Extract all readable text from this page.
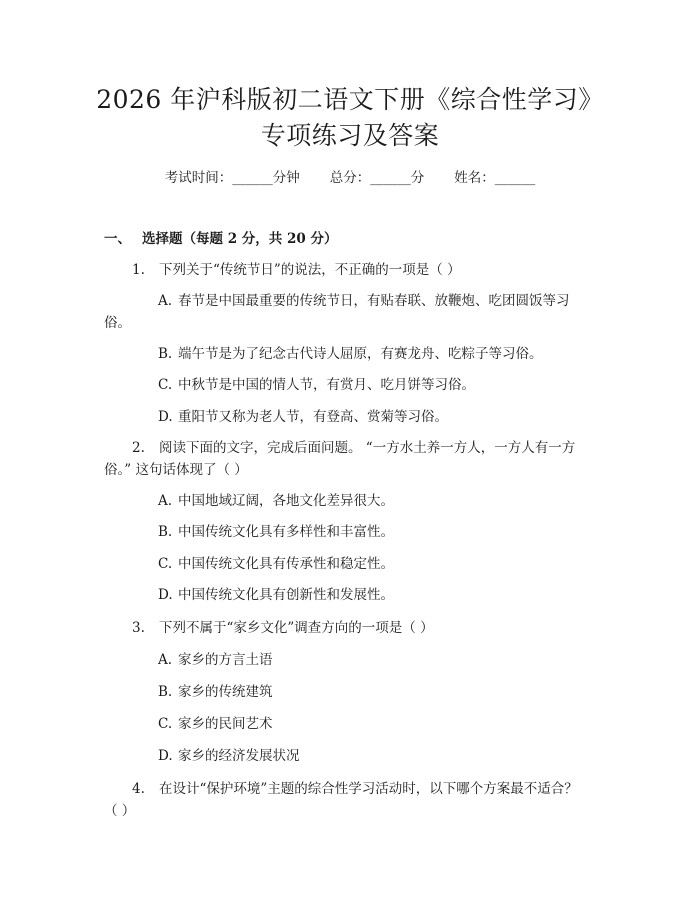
2026 年沪科版初二语文下册《综合性学习》
专项练习及答案
考试时间：______分钟 总分：______分 姓名：______
一、 选择题（每题 2 分，共 20 分）
1. 下列关于“传统节日”的说法，不正确的一项是（ ）
A. 春节是中国最重要的传统节日，有贴春联、放鞭炮、吃团圆饭等习
俗。
B. 端午节是为了纪念古代诗人屈原，有赛龙舟、吃粽子等习俗。
C. 中秋节是中国的情人节，有赏月、吃月饼等习俗。
D. 重阳节又称为老人节，有登高、赏菊等习俗。
2. 阅读下面的文字，完成后面问题。 “一方水土养一方人，一方人有一方
俗。” 这句话体现了（ ）
A. 中国地域辽阔，各地文化差异很大。
B. 中国传统文化具有多样性和丰富性。
C. 中国传统文化具有传承性和稳定性。
D. 中国传统文化具有创新性和发展性。
3. 下列不属于“家乡文化”调查方向的一项是（ ）
A. 家乡的方言土语
B. 家乡的传统建筑
C. 家乡的民间艺术
D. 家乡的经济发展状况
4. 在设计“保护环境”主题的综合性学习活动时，以下哪个方案最不适合？
（ ）
